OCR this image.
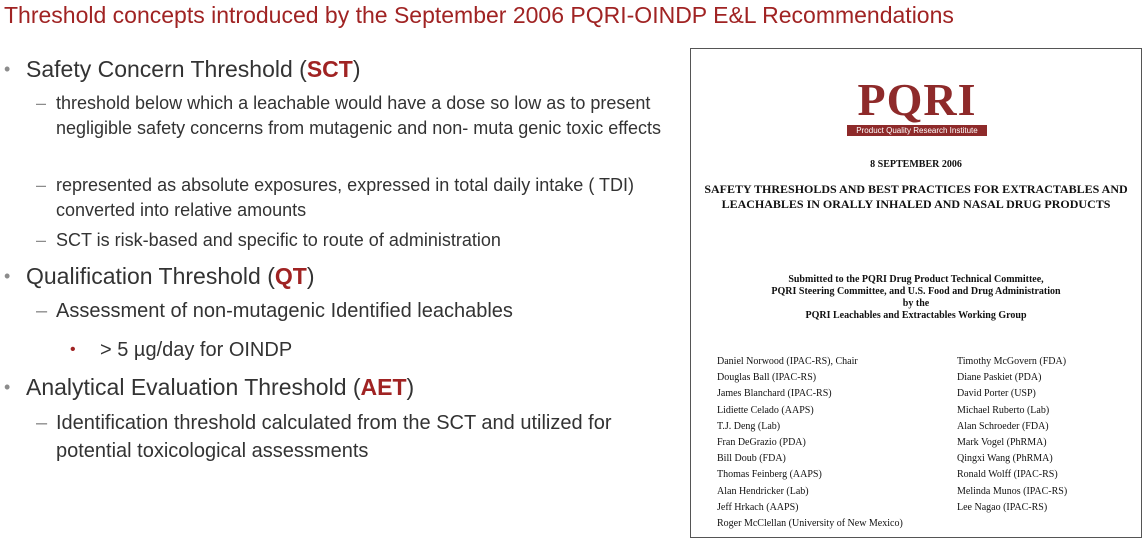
Threshold concepts introduced by the September 2006 PQRI-OINDP E&L Recommendations
• Safety Concern Threshold (SCT)
– threshold below which a leachable would have a dose so low as to present negligible safety concerns from mutagenic and non- muta genic toxic effects
– represented as absolute exposures, expressed in total daily intake ( TDI) converted into relative amounts
– SCT is risk-based and specific to route of administration
• Qualification Threshold (QT)
– Assessment of non-mutagenic Identified leachables
• > 5 µg/day for OINDP
• Analytical Evaluation Threshold (AET)
– Identification threshold calculated from the SCT and utilized for potential toxicological assessments
PQRI
Product Quality Research Institute
8 SEPTEMBER 2006
SAFETY THRESHOLDS AND BEST PRACTICES FOR EXTRACTABLES AND LEACHABLES IN ORALLY INHALED AND NASAL DRUG PRODUCTS
Submitted to the PQRI Drug Product Technical Committee,
PQRI Steering Committee, and U.S. Food and Drug Administration
by the
PQRI Leachables and Extractables Working Group
Daniel Norwood (IPAC-RS), Chair
Douglas Ball (IPAC-RS)
James Blanchard (IPAC-RS)
Lidiette Celado (AAPS)
T.J. Deng (Lab)
Fran DeGrazio (PDA)
Bill Doub (FDA)
Thomas Feinberg (AAPS)
Alan Hendricker (Lab)
Jeff Hrkach (AAPS)
Roger McClellan (University of New Mexico)
Timothy McGovern (FDA)
Diane Paskiet (PDA)
David Porter (USP)
Michael Ruberto (Lab)
Alan Schroeder (FDA)
Mark Vogel (PhRMA)
Qingxi Wang (PhRMA)
Ronald Wolff (IPAC-RS)
Melinda Munos (IPAC-RS)
Lee Nagao (IPAC-RS)
